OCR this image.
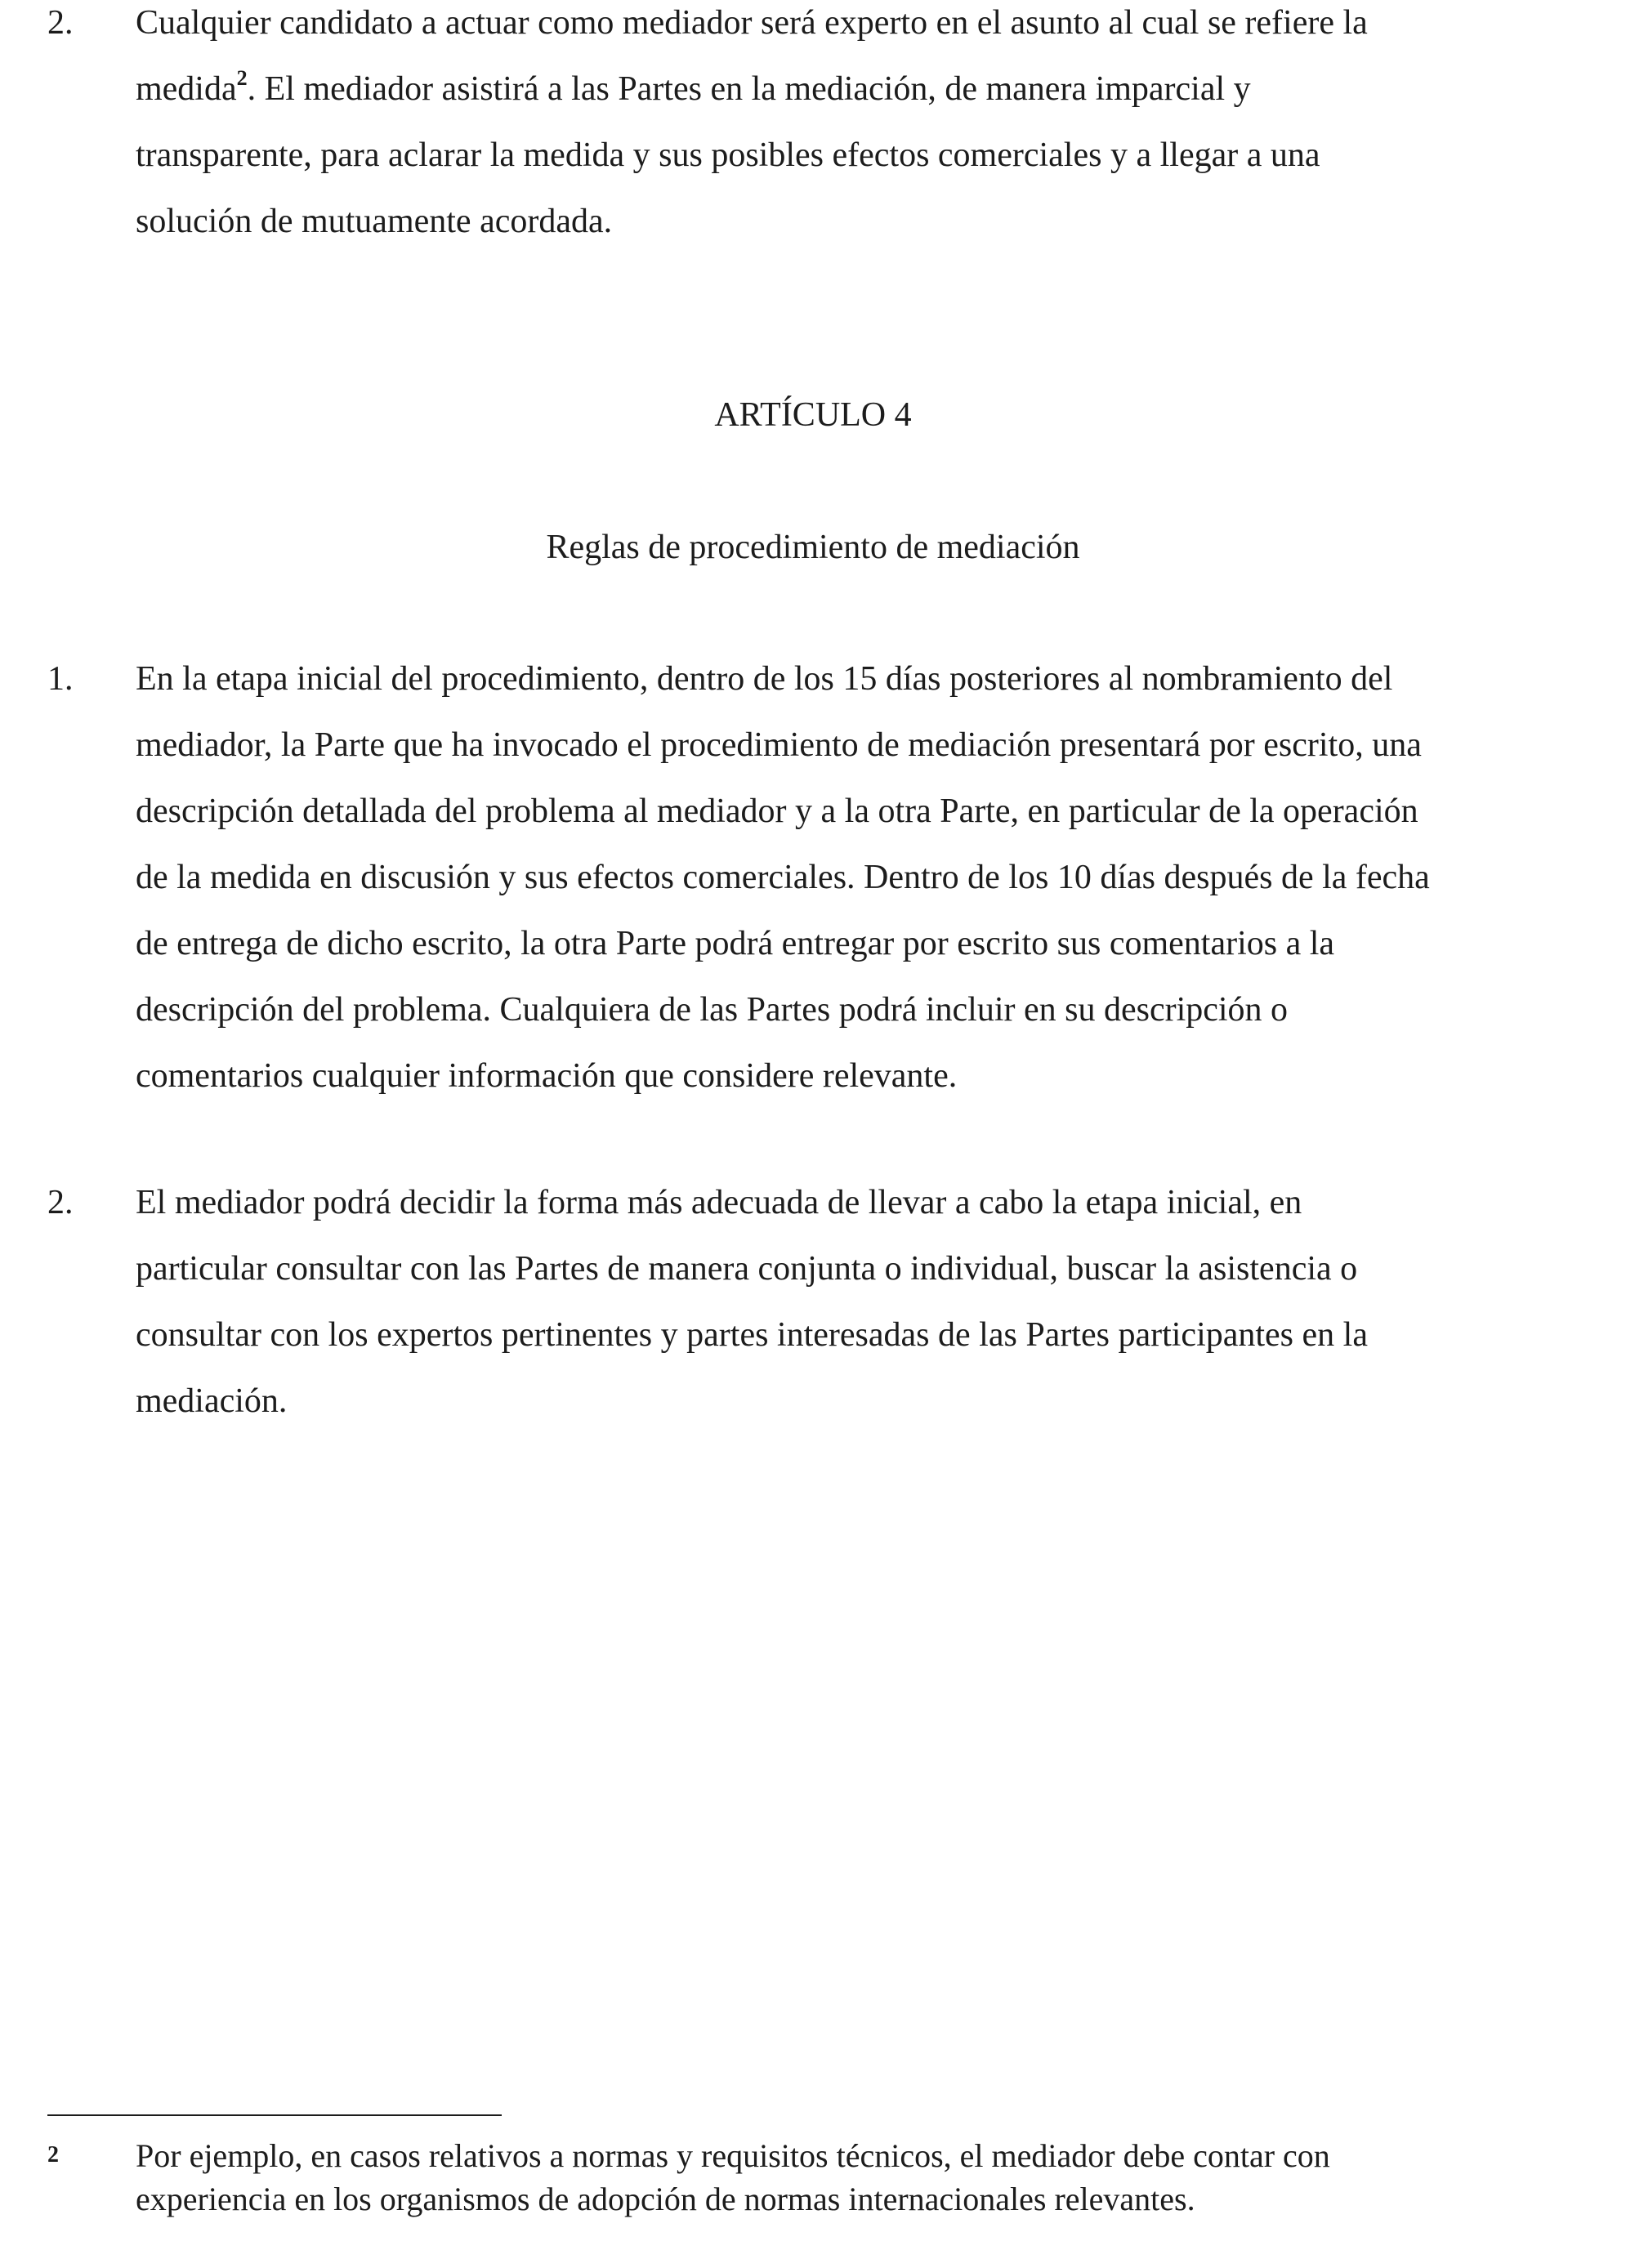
2. Cualquier candidato a actuar como mediador será experto en el asunto al cual se refiere la
medida$^2$. El mediador asistirá a las Partes en la mediación, de manera imparcial y
transparente, para aclarar la medida y sus posibles efectos comerciales y a llegar a una
solución de mutuamente acordada.
ARTÍCULO 4
Reglas de procedimiento de mediación
1. En la etapa inicial del procedimiento, dentro de los 15 días posteriores al nombramiento del
mediador, la Parte que ha invocado el procedimiento de mediación presentará por escrito, una
descripción detallada del problema al mediador y a la otra Parte, en particular de la operación
de la medida en discusión y sus efectos comerciales. Dentro de los 10 días después de la fecha
de entrega de dicho escrito, la otra Parte podrá entregar por escrito sus comentarios a la
descripción del problema. Cualquiera de las Partes podrá incluir en su descripción o
comentarios cualquier información que considere relevante.
2. El mediador podrá decidir la forma más adecuada de llevar a cabo la etapa inicial, en
particular consultar con las Partes de manera conjunta o individual, buscar la asistencia o
consultar con los expertos pertinentes y partes interesadas de las Partes participantes en la
mediación.
2 Por ejemplo, en casos relativos a normas y requisitos técnicos, el mediador debe contar con
experiencia en los organismos de adopción de normas internacionales relevantes.
